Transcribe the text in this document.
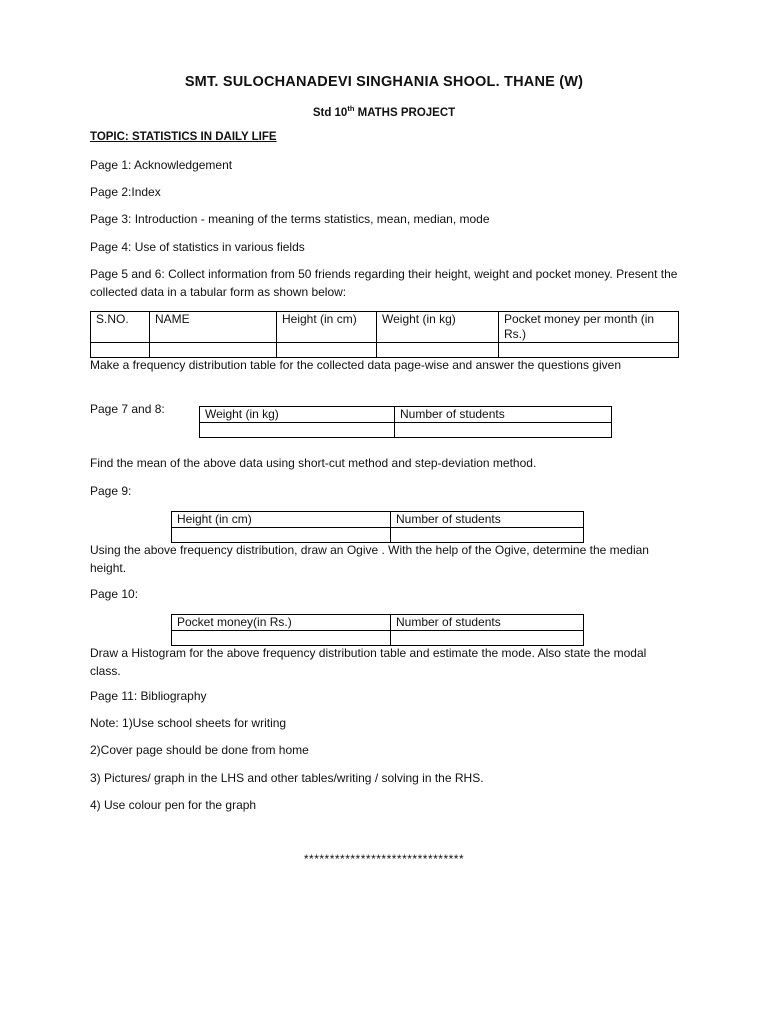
SMT. SULOCHANADEVI SINGHANIA SHOOL. THANE (W)
Std 10th MATHS PROJECT
TOPIC: STATISTICS IN DAILY LIFE
Page 1: Acknowledgement
Page 2:Index
Page 3: Introduction - meaning of the terms statistics, mean, median, mode
Page 4: Use of statistics in various fields
Page 5 and 6: Collect information from 50 friends regarding their height, weight and pocket money. Present the collected data in a tabular form as shown below:
S.NO.	NAME	Height (in cm)	Weight (in kg)	Pocket money per month (in Rs.)

Make a frequency distribution table for the collected data page-wise and answer the questions given
Page 7 and 8:	Weight (in kg)	Number of students

Find the mean of the above data using short-cut method and step-deviation method.
Page 9:
Height (in cm)	Number of students

Using the above frequency distribution, draw an Ogive . With the help of the Ogive, determine the median height.
Page 10:
Pocket money(in Rs.)	Number of students

Draw a Histogram for the above frequency distribution table and estimate the mode. Also state the modal class.
Page 11: Bibliography
Note: 1)Use school sheets for writing
2)Cover page should be done from home
3) Pictures/ graph in the LHS and other tables/writing / solving in the RHS.
4) Use colour pen for the graph
*******************************
